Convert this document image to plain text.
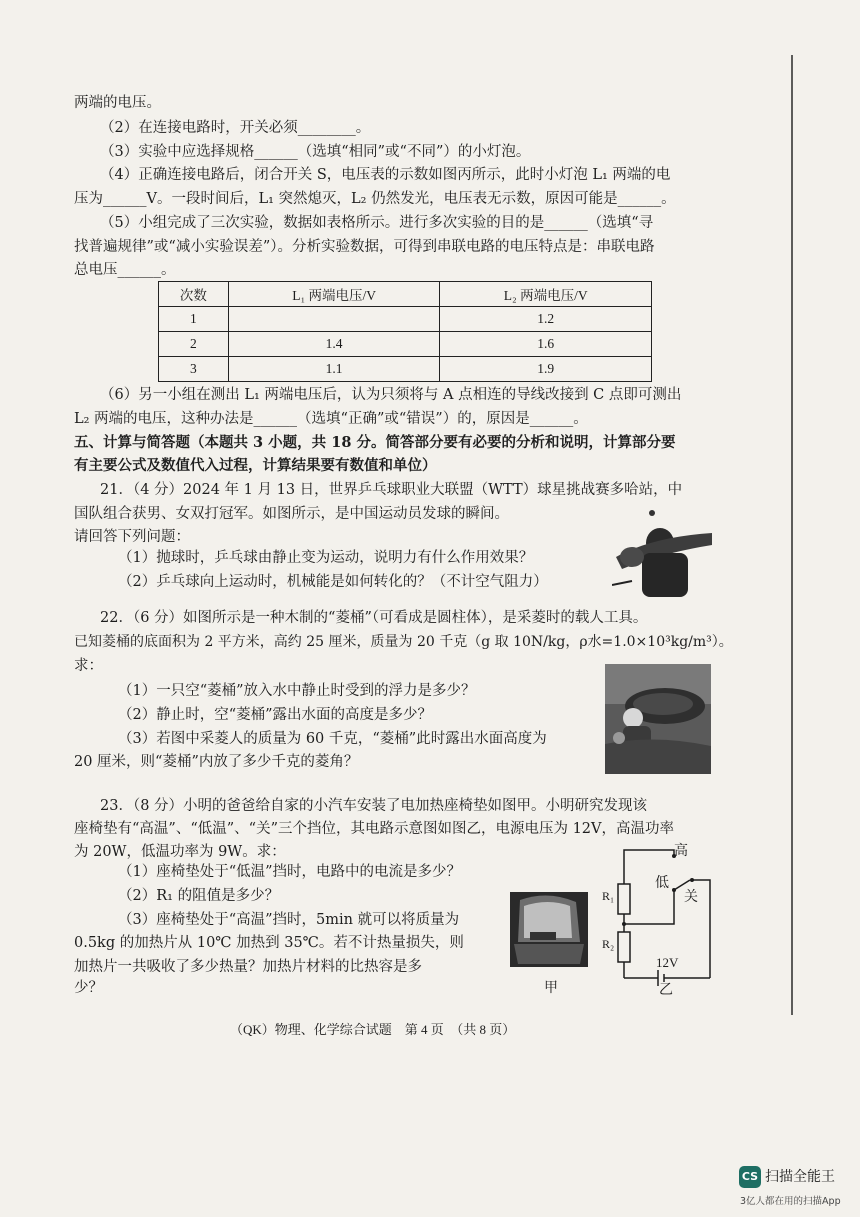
两端的电压。
（2）在连接电路时，开关必须________。
（3）实验中应选择规格______（选填“相同”或“不同”）的小灯泡。
（4）正确连接电路后，闭合开关 S，电压表的示数如图丙所示，此时小灯泡 L₁ 两端的电
压为______V。一段时间后，L₁ 突然熄灭，L₂ 仍然发光，电压表无示数，原因可能是______。
（5）小组完成了三次实验，数据如表格所示。进行多次实验的目的是______（选填“寻
找普遍规律”或“减小实验误差”）。分析实验数据，可得到串联电路的电压特点是：串联电路
总电压______。
次数	L₁ 两端电压/V	L₂ 两端电压/V
1		1.2
2	1.4	1.6
3	1.1	1.9
（6）另一小组在测出 L₁ 两端电压后，认为只须将与 A 点相连的导线改接到 C 点即可测出
L₂ 两端的电压，这种办法是______（选填“正确”或“错误”）的，原因是______。
五、计算与简答题（本题共 3 小题，共 18 分。简答部分要有必要的分析和说明，计算部分要
有主要公式及数值代入过程，计算结果要有数值和单位）
21．（4 分）2024 年 1 月 13 日，世界乒乓球职业大联盟（WTT）球星挑战赛多哈站，中
国队组合获男、女双打冠军。如图所示，是中国运动员发球的瞬间。
请回答下列问题：
（1）抛球时，乒乓球由静止变为运动，说明力有什么作用效果？
（2）乒乓球向上运动时，机械能是如何转化的？（不计空气阻力）
22．（6 分）如图所示是一种木制的“菱桶”（可看成是圆柱体），是采菱时的载人工具。
已知菱桶的底面积为 2 平方米，高约 25 厘米，质量为 20 千克（g 取 10N/kg，ρ水=1.0×10³kg/m³）。
求：
（1）一只空“菱桶”放入水中静止时受到的浮力是多少？
（2）静止时，空“菱桶”露出水面的高度是多少？
（3）若图中采菱人的质量为 60 千克，“菱桶”此时露出水面高度为
20 厘米，则“菱桶”内放了多少千克的菱角？
23．（8 分）小明的爸爸给自家的小汽车安装了电加热座椅垫如图甲。小明研究发现该
座椅垫有“高温”、“低温”、“关”三个挡位，其电路示意图如图乙，电源电压为 12V，高温功率
为 20W，低温功率为 9W。求：
（1）座椅垫处于“低温”挡时，电路中的电流是多少？
（2）R₁ 的阻值是多少？
（3）座椅垫处于“高温”挡时，5min 就可以将质量为
0.5kg 的加热片从 10℃ 加热到 35℃。若不计热量损失，则
加热片一共吸收了多少热量？加热片材料的比热容是多
少？	甲
高
低
关
R₁
R₂
12V
乙
（QK）物理、化学综合试题　第 4 页　（共 8 页）
CS 扫描全能王
3亿人都在用的扫描App
